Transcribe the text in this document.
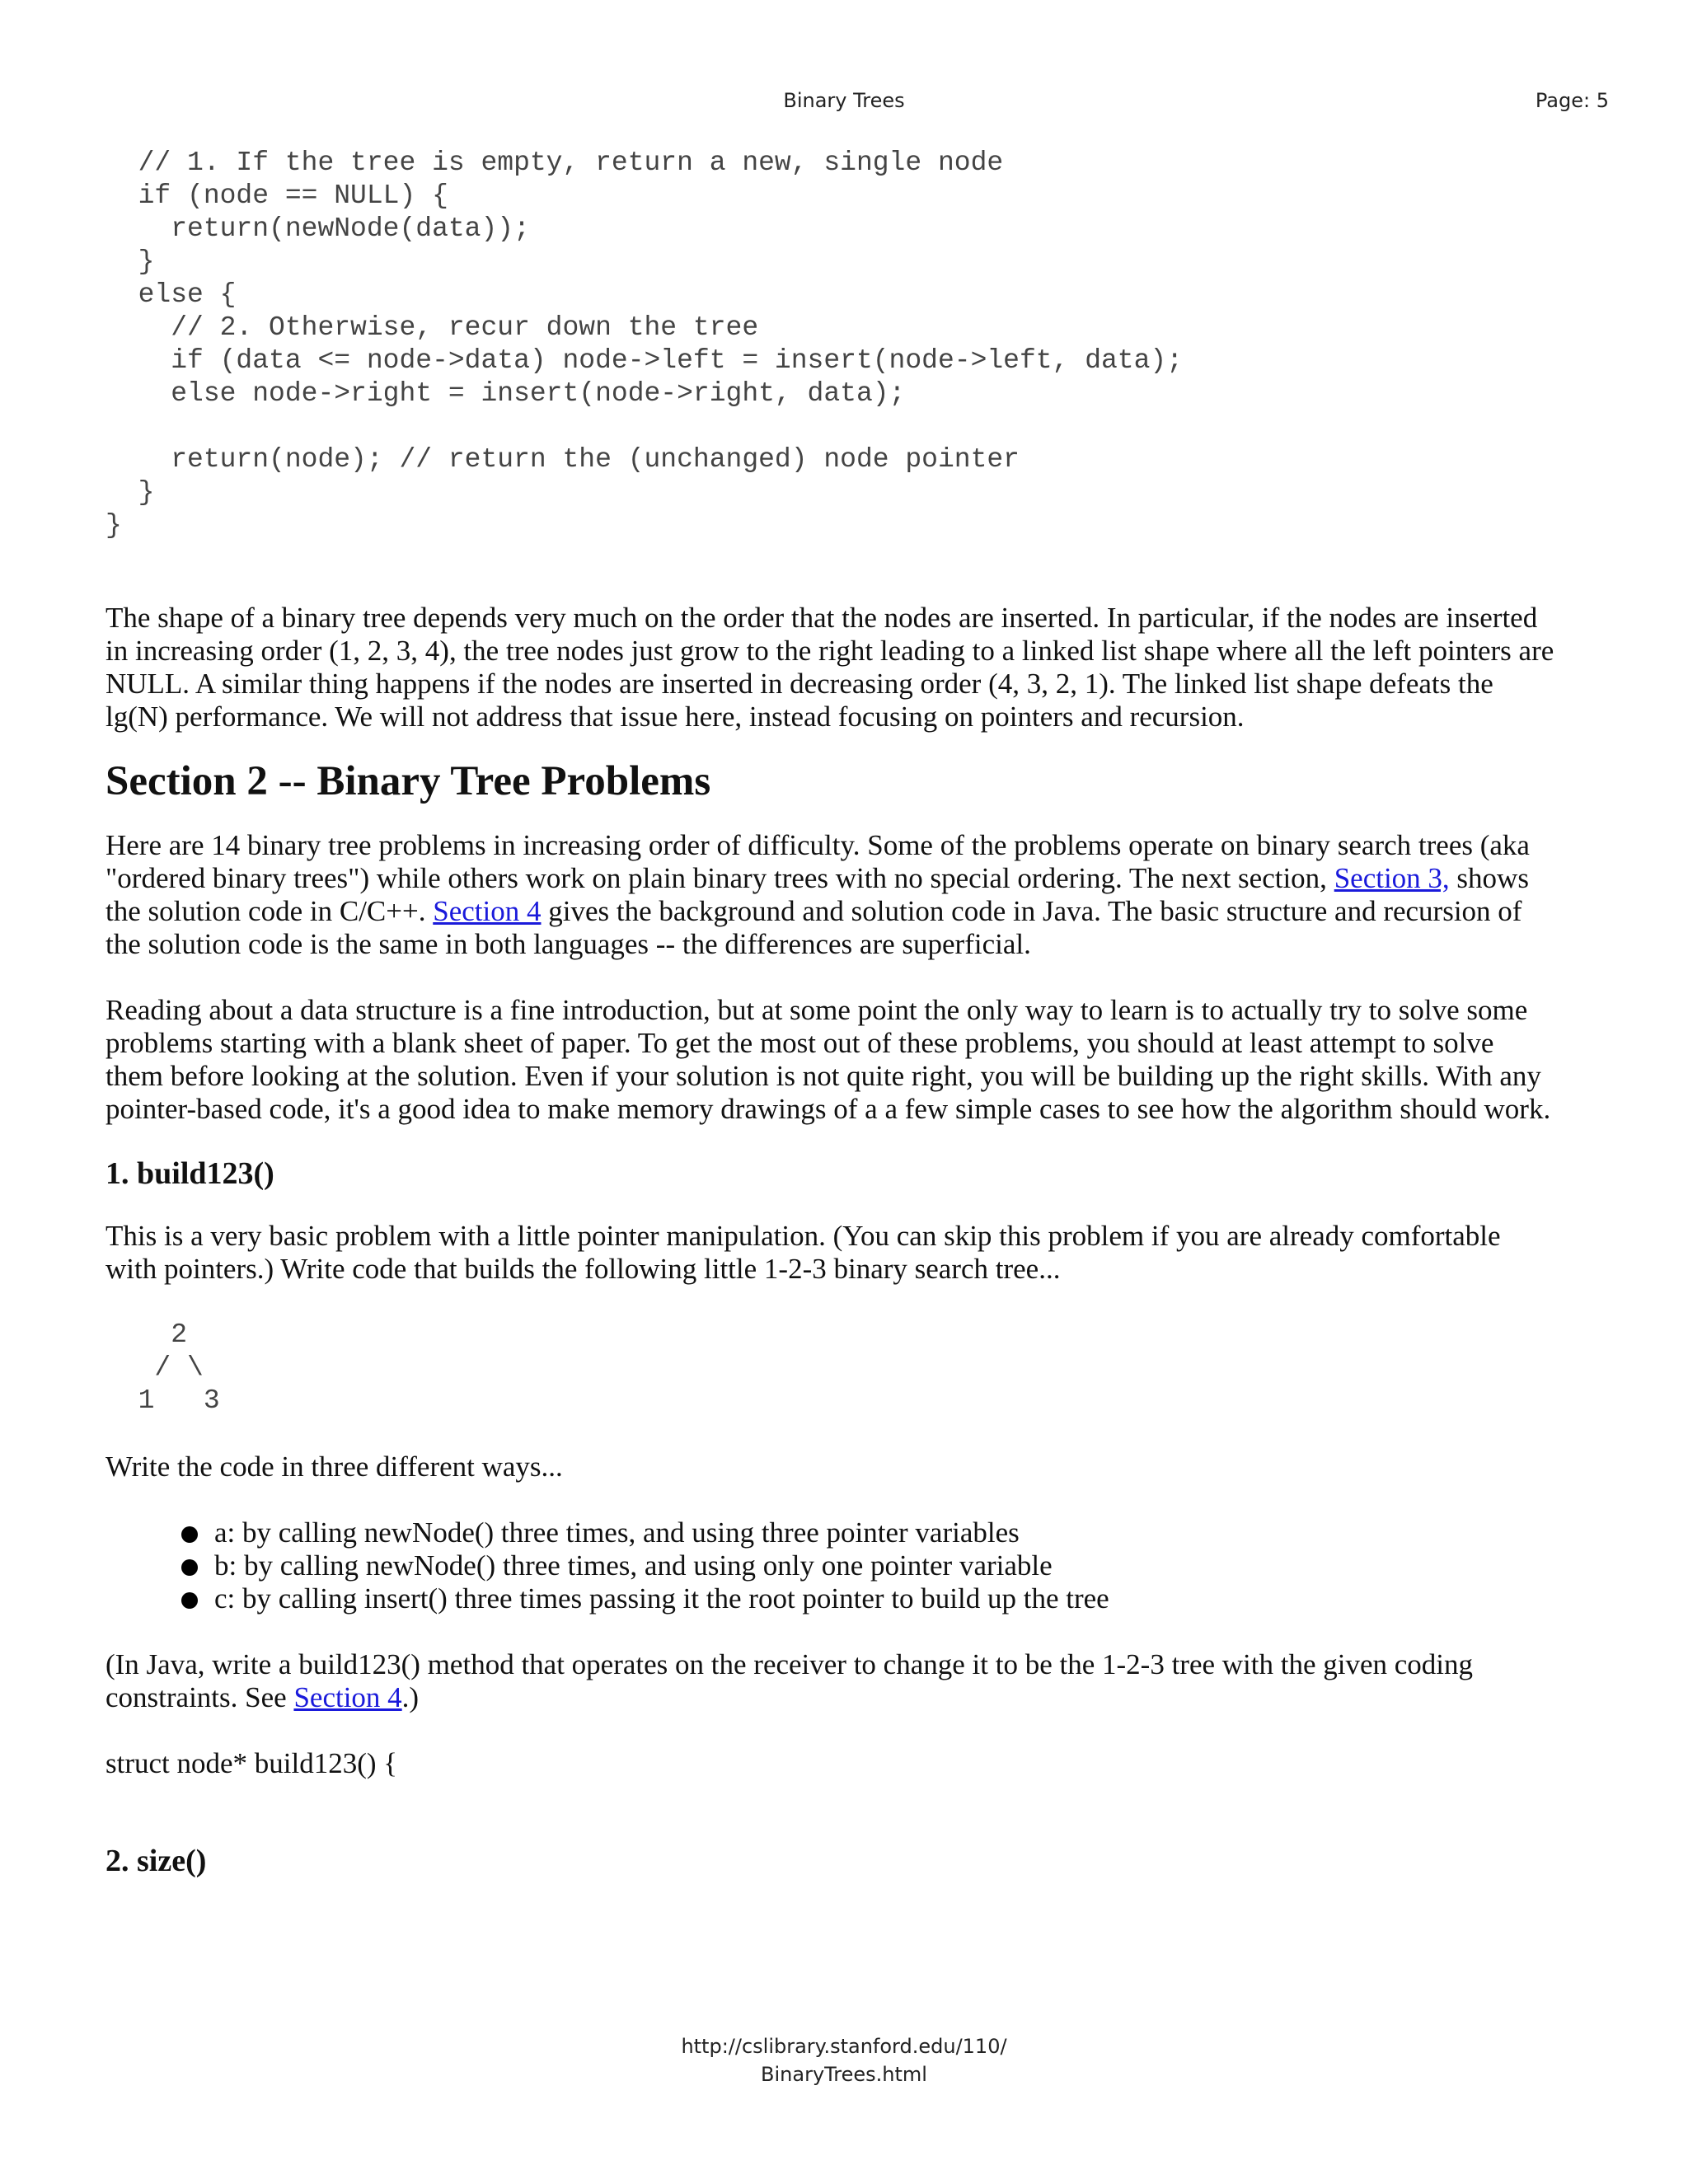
Binary Trees	Page: 5
// 1. If the tree is empty, return a new, single node
if (node == NULL) {
return(newNode(data));
}
else {
// 2. Otherwise, recur down the tree
if (data <= node->data) node->left = insert(node->left, data);
else node->right = insert(node->right, data);

return(node); // return the (unchanged) node pointer
}
}

The shape of a binary tree depends very much on the order that the nodes are inserted. In particular, if the nodes are inserted in increasing order (1, 2, 3, 4), the tree nodes just grow to the right leading to a linked list shape where all the left pointers are NULL. A similar thing happens if the nodes are inserted in decreasing order (4, 3, 2, 1). The linked list shape defeats the lg(N) performance. We will not address that issue here, instead focusing on pointers and recursion.

Section 2 -- Binary Tree Problems

Here are 14 binary tree problems in increasing order of difficulty. Some of the problems operate on binary search trees (aka "ordered binary trees") while others work on plain binary trees with no special ordering. The next section, Section 3, shows the solution code in C/C++. Section 4 gives the background and solution code in Java. The basic structure and recursion of the solution code is the same in both languages -- the differences are superficial.

Reading about a data structure is a fine introduction, but at some point the only way to learn is to actually try to solve some problems starting with a blank sheet of paper. To get the most out of these problems, you should at least attempt to solve them before looking at the solution. Even if your solution is not quite right, you will be building up the right skills. With any pointer-based code, it's a good idea to make memory drawings of a a few simple cases to see how the algorithm should work.

1. build123()

This is a very basic problem with a little pointer manipulation. (You can skip this problem if you are already comfortable with pointers.) Write code that builds the following little 1-2-3 binary search tree...

2
/ \
1   3

Write the code in three different ways...

a: by calling newNode() three times, and using three pointer variables
b: by calling newNode() three times, and using only one pointer variable
c: by calling insert() three times passing it the root pointer to build up the tree

(In Java, write a build123() method that operates on the receiver to change it to be the 1-2-3 tree with the given coding constraints. See Section 4.)

struct node* build123() {

2. size()
http://cslibrary.stanford.edu/110/
BinaryTrees.html
